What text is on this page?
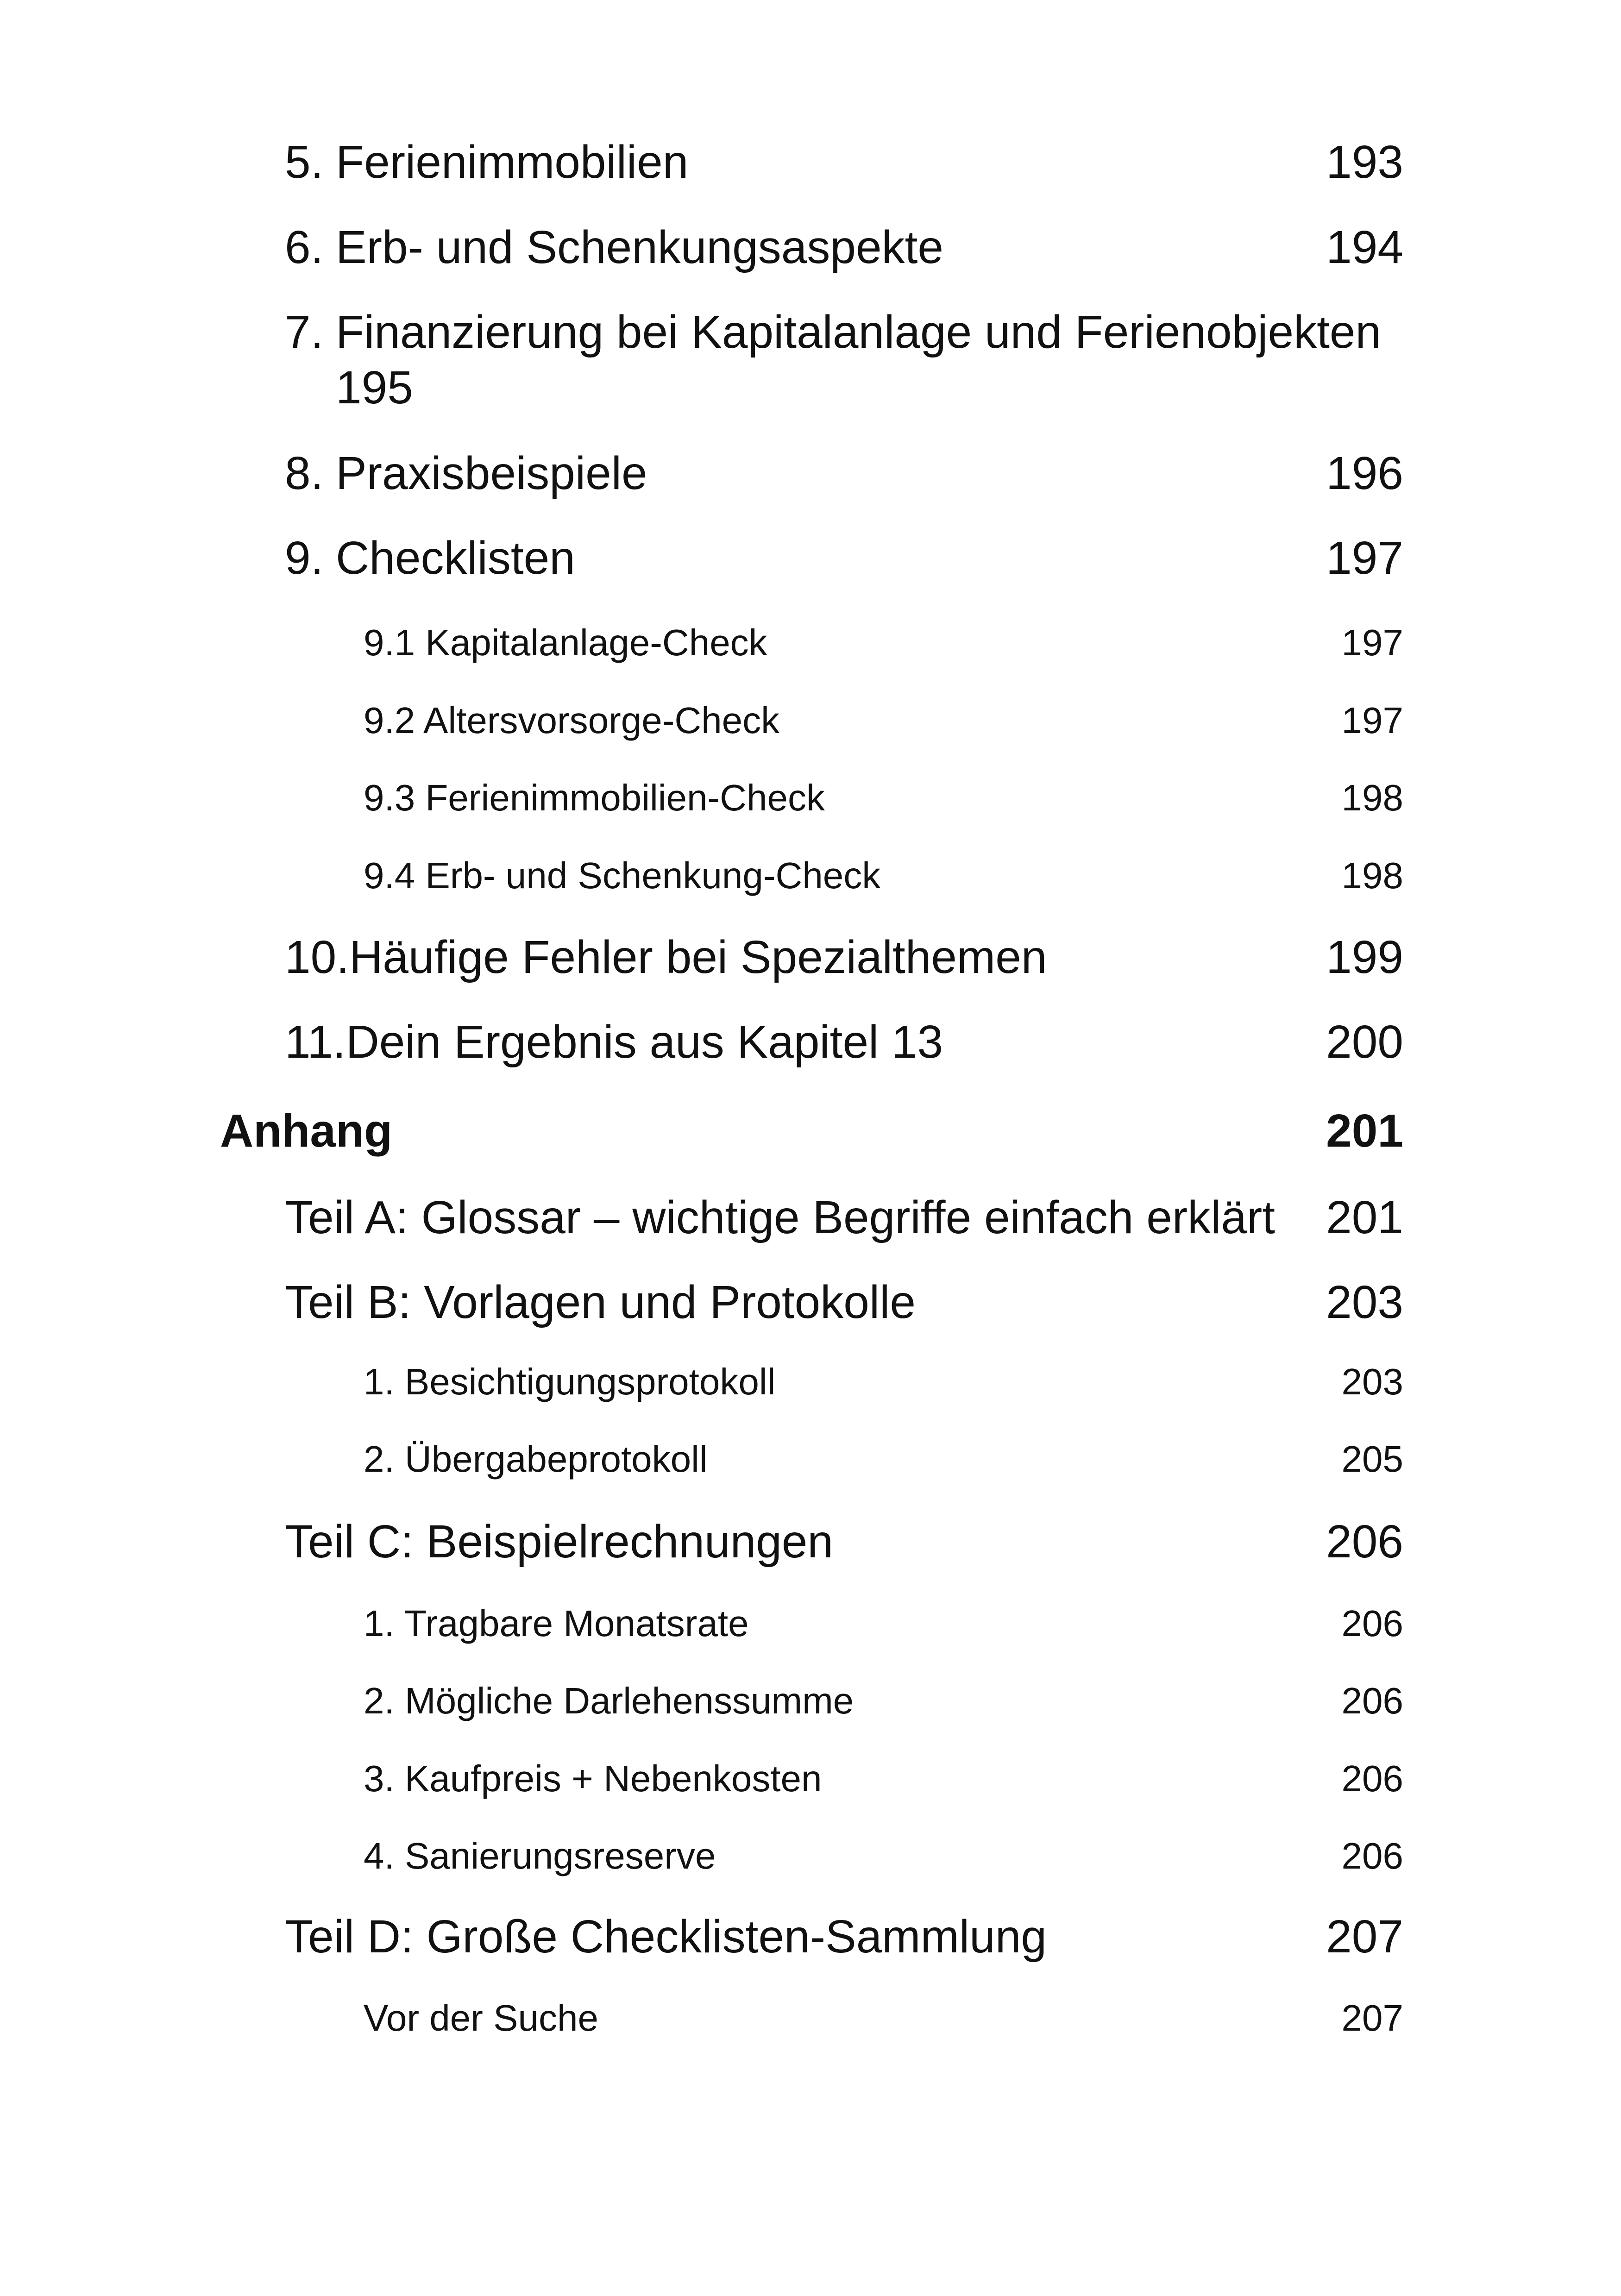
5. Ferienimmobilien	193
6. Erb- und Schenkungsaspekte	194
7. Finanzierung bei Kapitalanlage und Ferienobjekten
195
8. Praxisbeispiele	196
9. Checklisten	197
9.1 Kapitalanlage-Check	197
9.2 Altersvorsorge-Check	197
9.3 Ferienimmobilien-Check	198
9.4 Erb- und Schenkung-Check	198
10.Häufige Fehler bei Spezialthemen	199
11.Dein Ergebnis aus Kapitel 13	200
Anhang	201
Teil A: Glossar – wichtige Begriffe einfach erklärt 201
Teil B: Vorlagen und Protokolle	203
1. Besichtigungsprotokoll	203
2. Übergabeprotokoll	205
Teil C: Beispielrechnungen	206
1. Tragbare Monatsrate	206
2. Mögliche Darlehenssumme	206
3. Kaufpreis + Nebenkosten	206
4. Sanierungsreserve	206
Teil D: Große Checklisten-Sammlung	207
Vor der Suche	207
